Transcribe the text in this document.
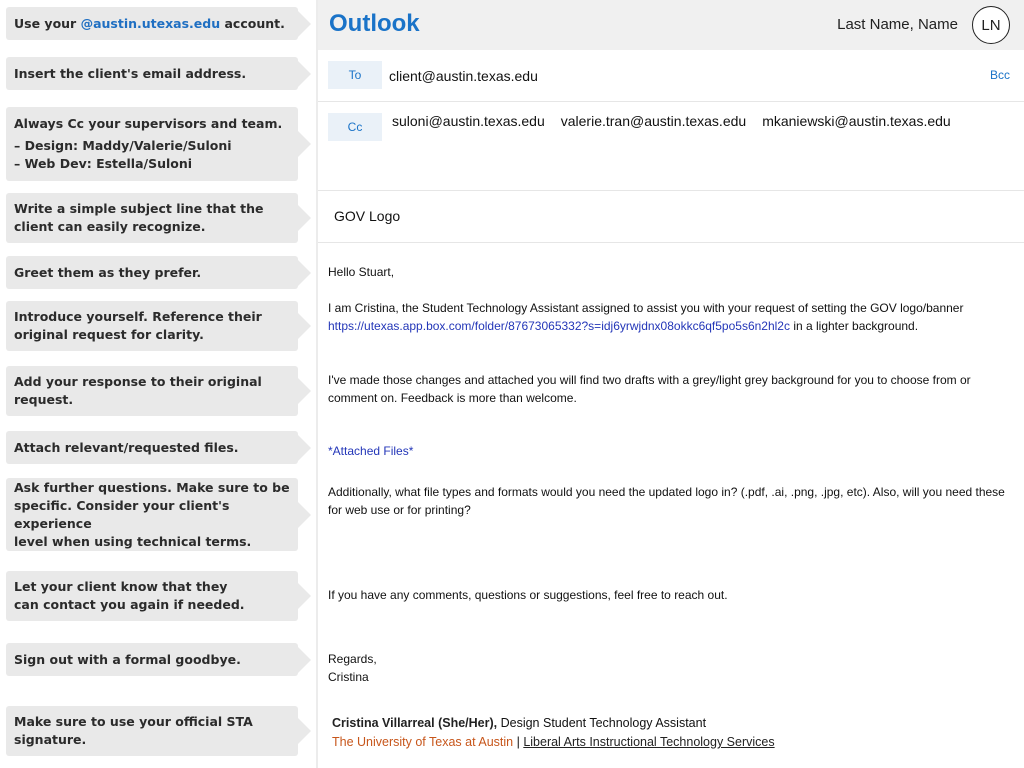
Use your @austin.utexas.edu account.
Insert the client's email address.
Always Cc your supervisors and team.
– Design: Maddy/Valerie/Suloni
– Web Dev: Estella/Suloni
Write a simple subject line that the
client can easily recognize.
Greet them as they prefer.
Introduce yourself. Reference their
original request for clarity.
Add your response to their original
request.
Attach relevant/requested files.
Ask further questions. Make sure to be
specific. Consider your client's experience
level when using technical terms.
Let your client know that they
can contact you again if needed.
Sign out with a formal goodbye.
Make sure to use your official STA
signature.
Outlook	Last Name, Name	LN
To	client@austin.texas.edu	Bcc
Cc	suloni@austin.texas.edu valerie.tran@austin.texas.edu mkaniewski@austin.texas.edu
GOV Logo
Hello Stuart,
I am Cristina, the Student Technology Assistant assigned to assist you with your request of setting the GOV logo/banner
https://utexas.app.box.com/folder/87673065332?s=idj6yrwjdnx08okkc6qf5po5s6n2hl2c in a lighter background.
I've made those changes and attached you will find two drafts with a grey/light grey background for you to choose from or comment on. Feedback is more than welcome.
*Attached Files*
Additionally, what file types and formats would you need the updated logo in? (.pdf, .ai, .png, .jpg, etc). Also, will you need these for web use or for printing?
If you have any comments, questions or suggestions, feel free to reach out.
Regards,
Cristina
Cristina Villarreal (She/Her), Design Student Technology Assistant
The University of Texas at Austin | Liberal Arts Instructional Technology Services
